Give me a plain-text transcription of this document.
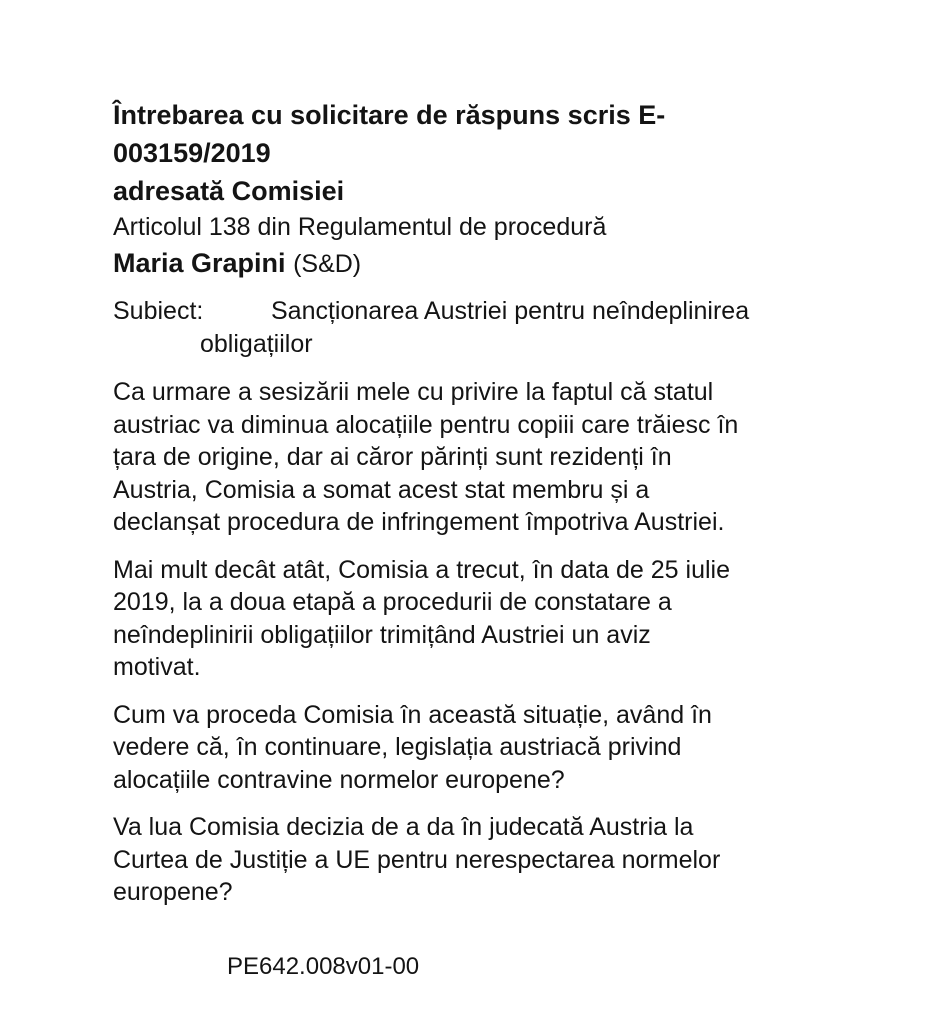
Întrebarea cu solicitare de răspuns scris E-
003159/2019
adresată Comisiei

Articolul 138 din Regulamentul de procedură

Maria Grapini (S&D)

Subiect:	Sancționarea Austriei pentru neîndeplinirea
obligațiilor

Ca urmare a sesizării mele cu privire la faptul că statul
austriac va diminua alocațiile pentru copiii care trăiesc în
țara de origine, dar ai căror părinți sunt rezidenți în
Austria, Comisia a somat acest stat membru și a
declanșat procedura de infringement împotriva Austriei.

Mai mult decât atât, Comisia a trecut, în data de 25 iulie
2019, la a doua etapă a procedurii de constatare a
neîndeplinirii obligațiilor trimițând Austriei un aviz
motivat.

Cum va proceda Comisia în această situație, având în
vedere că, în continuare, legislația austriacă privind
alocațiile contravine normelor europene?

Va lua Comisia decizia de a da în judecată Austria la
Curtea de Justiție a UE pentru nerespectarea normelor
europene?

PE642.008v01-00
